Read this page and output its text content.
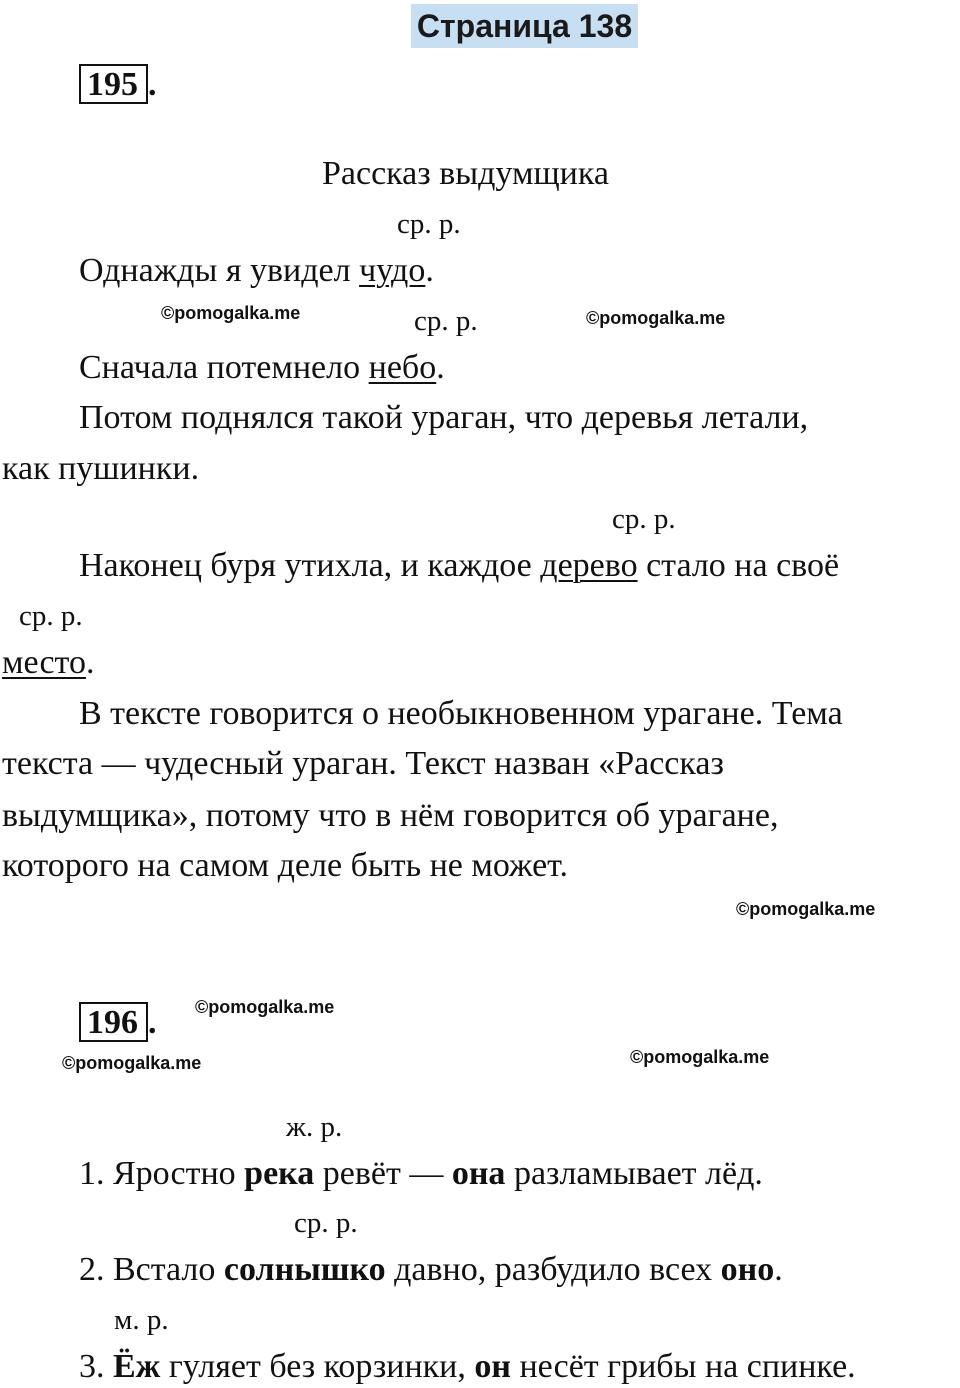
Страница 138
195 .
Рассказ выдумщика
ср. р.
Однажды я увидел чудо.
©pomogalka.me	ср. р.	©pomogalka.me
Сначала потемнело небо.
Потом поднялся такой ураган, что деревья летали,
как пушинки.
ср. р.
Наконец буря утихла, и каждое дерево стало на своё
ср. р.
место.
В тексте говорится о необыкновенном урагане. Тема
текста — чудесный ураган. Текст назван «Рассказ
выдумщика», потому что в нём говорится об урагане,
которого на самом деле быть не может.
©pomogalka.me
196 . ©pomogalka.me
©pomogalka.me	©pomogalka.me
ж. р.
1. Яростно река ревёт — она разламывает лёд.
ср. р.
2. Встало солнышко давно, разбудило всех оно.
м. р.
3. Ёж гуляет без корзинки, он несёт грибы на спинке.
